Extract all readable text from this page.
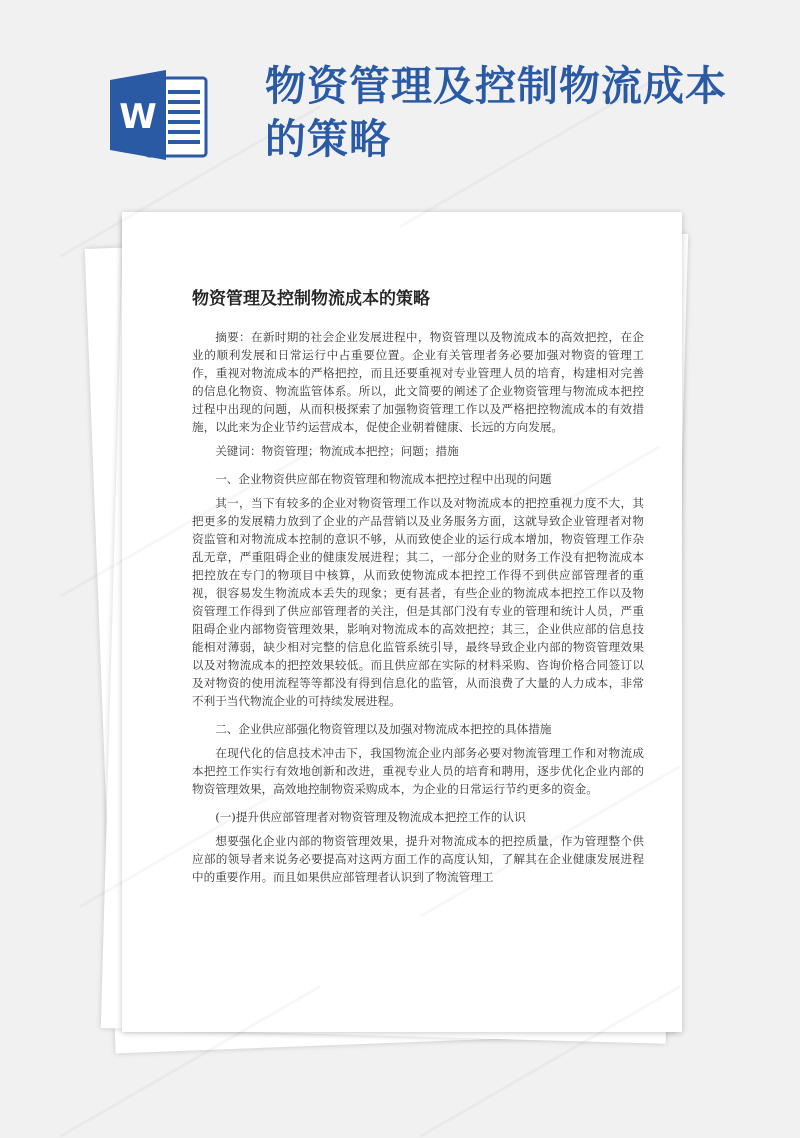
W
物资管理及控制物流成本的策略
物资管理及控制物流成本的策略

摘要：在新时期的社会企业发展进程中，物资管理以及物流成本的高效把控，在企业的顺利发展和日常运行中占重要位置。企业有关管理者务必要加强对物资的管理工作，重视对物流成本的严格把控，而且还要重视对专业管理人员的培育，构建相对完善的信息化物资、物流监管体系。所以，此文简要的阐述了企业物资管理与物流成本把控过程中出现的问题，从而积极探索了加强物资管理工作以及严格把控物流成本的有效措施，以此来为企业节约运营成本，促使企业朝着健康、长远的方向发展。

关键词：物资管理；物流成本把控；问题；措施

一、企业物资供应部在物资管理和物流成本把控过程中出现的问题

其一，当下有较多的企业对物资管理工作以及对物流成本的把控重视力度不大，其把更多的发展精力放到了企业的产品营销以及业务服务方面，这就导致企业管理者对物资监管和对物流成本控制的意识不够，从而致使企业的运行成本增加，物资管理工作杂乱无章，严重阻碍企业的健康发展进程；其二，一部分企业的财务工作没有把物流成本把控放在专门的物项目中核算，从而致使物流成本把控工作得不到供应部管理者的重视，很容易发生物流成本丢失的现象；更有甚者，有些企业的物流成本把控工作以及物资管理工作得到了供应部管理者的关注，但是其部门没有专业的管理和统计人员，严重阻碍企业内部物资管理效果，影响对物流成本的高效把控；其三，企业供应部的信息技能相对薄弱，缺少相对完整的信息化监管系统引导，最终导致企业内部的物资管理效果以及对物流成本的把控效果较低。而且供应部在实际的材料采购、咨询价格合同签订以及对物资的使用流程等等都没有得到信息化的监管，从而浪费了大量的人力成本，非常不利于当代物流企业的可持续发展进程。

二、企业供应部强化物资管理以及加强对物流成本把控的具体措施

在现代化的信息技术冲击下，我国物流企业内部务必要对物流管理工作和对物流成本把控工作实行有效地创新和改进，重视专业人员的培育和聘用，逐步优化企业内部的物资管理效果，高效地控制物资采购成本，为企业的日常运行节约更多的资金。

(一)提升供应部管理者对物资管理及物流成本把控工作的认识

想要强化企业内部的物资管理效果，提升对物流成本的把控质量，作为管理整个供应部的领导者来说务必要提高对这两方面工作的高度认知，了解其在企业健康发展进程中的重要作用。而且如果供应部管理者认识到了物流管理工
